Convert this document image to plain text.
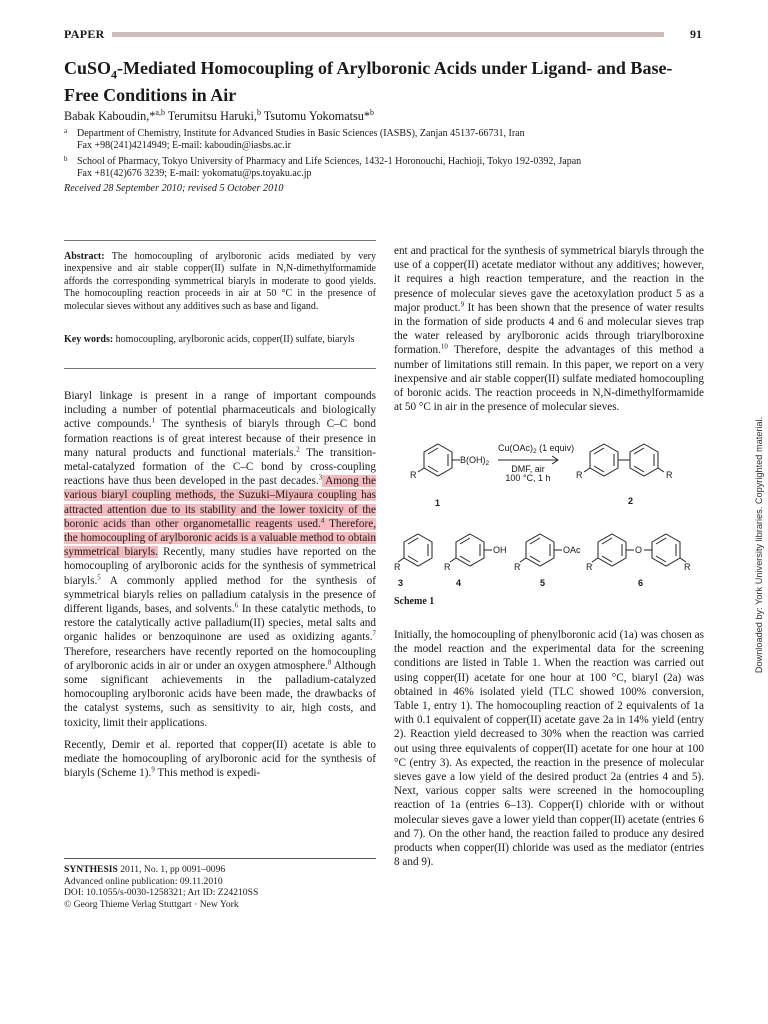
PAPER	91
CuSO$_4$-Mediated Homocoupling of Arylboronic Acids under Ligand- and Base-Free Conditions in Air
Babak Kaboudin,*$^{a,b}$ Terumitsu Haruki,$^b$ Tsutomu Yokomatsu*$^b$
a Department of Chemistry, Institute for Advanced Studies in Basic Sciences (IASBS), Zanjan 45137-66731, Iran
Fax +98(241)4214949; E-mail: kaboudin@iasbs.ac.ir
b School of Pharmacy, Tokyo University of Pharmacy and Life Sciences, 1432-1 Horonouchi, Hachioji, Tokyo 192-0392, Japan
Fax +81(42)676 3239; E-mail: yokomatu@ps.toyaku.ac.jp
Received 28 September 2010; revised 5 October 2010
Abstract: The homocoupling of arylboronic acids mediated by very inexpensive and air stable copper(II) sulfate in N,N-dimethylformamide affords the corresponding symmetrical biaryls in moderate to good yields. The homocoupling reaction proceeds in air at 50 °C in the presence of molecular sieves without any additives such as base and ligand.
Key words: homocoupling, arylboronic acids, copper(II) sulfate, biaryls

Biaryl linkage is present in a range of important compounds including a number of potential pharmaceuticals and biologically active compounds.$^1$ The synthesis of biaryls through C–C bond formation reactions is of great interest because of their presence in many natural products and functional materials.$^2$ The transition-metal-catalyzed formation of the C–C bond by cross-coupling reactions have thus been developed in the past decades.$^3$ Among the various biaryl coupling methods, the Suzuki–Miyaura coupling has attracted attention due to its stability and the lower toxicity of the boronic acids than other organometallic reagents used.$^4$ Therefore, the homocoupling of arylboronic acids is a valuable method to obtain symmetrical biaryls. Recently, many studies have reported on the homocoupling of arylboronic acids for the synthesis of symmetrical biaryls.$^5$ A commonly applied method for the synthesis of symmetrical biaryls relies on palladium catalysis in the presence of different ligands, bases, and solvents.$^6$ In these catalytic methods, to restore the catalytically active palladium(II) species, metal salts and organic halides or benzoquinone are used as oxidizing agants.$^7$ Therefore, researchers have recently reported on the homocoupling of arylboronic acids in air or under an oxygen atmosphere.$^8$ Although some significant achievements in the palladium-catalyzed homocoupling arylboronic acids have been made, the drawbacks of the catalyst systems, such as sensitivity to air, high costs, and toxicity, limit their applications.

Recently, Demir et al. reported that copper(II) acetate is able to mediate the homocoupling of arylboronic acid for the synthesis of biaryls (Scheme 1).$^9$ This method is expedi-

SYNTHESIS 2011, No. 1, pp 0091–0096
Advanced online publication: 09.11.2010
DOI: 10.1055/s-0030-1258321; Art ID: Z24210SS
© Georg Thieme Verlag Stuttgart · New York

ent and practical for the synthesis of symmetrical biaryls through the use of a copper(II) acetate mediator without any additives; however, it requires a high reaction temperature, and the reaction in the presence of molecular sieves gave the acetoxylation product 5 as a major product.$^9$ It has been shown that the presence of water results in the formation of side products 4 and 6 and molecular sieves trap the water released by arylboronic acids through triarylboroxine formation.$^{10}$ Therefore, despite the advantages of this method a number of limitations still remain. In this paper, we report on a very inexpensive and air stable copper(II) sulfate mediated homocoupling of boronic acids. The reaction proceeds in N,N-dimethylformamide at 50 °C in air in the presence of molecular sieves.

$B(OH)_2$
$Cu(OAc)_2$ (1 equiv)
DMF, air
100 °C, 1 h
R	R	R
R	R	R	R	R
OH	OAc	O
1	2
3	4	5	6
Scheme 1

Initially, the homocoupling of phenylboronic acid (1a) was chosen as the model reaction and the experimental data for the screening conditions are listed in Table 1. When the reaction was carried out using copper(II) acetate for one hour at 100 °C, biaryl (2a) was obtained in 46% isolated yield (TLC showed 100% conversion, Table 1, entry 1). The homocoupling reaction of 2 equivalents of 1a with 0.1 equivalent of copper(II) acetate gave 2a in 14% yield (entry 2). Reaction yield decreased to 30% when the reaction was carried out using three equivalents of copper(II) acetate for one hour at 100 °C (entry 3). As expected, the reaction in the presence of molecular sieves gave a low yield of the desired product 2a (entries 4 and 5). Next, various copper salts were screened in the homocoupling reaction of 1a (entries 6–13). Copper(I) chloride with or without molecular sieves gave a lower yield than copper(II) acetate (entries 6 and 7). On the other hand, the reaction failed to produce any desired products when copper(II) chloride was used as the mediator (entries 8 and 9).

Downloaded by: York University libraries. Copyrighted material.
